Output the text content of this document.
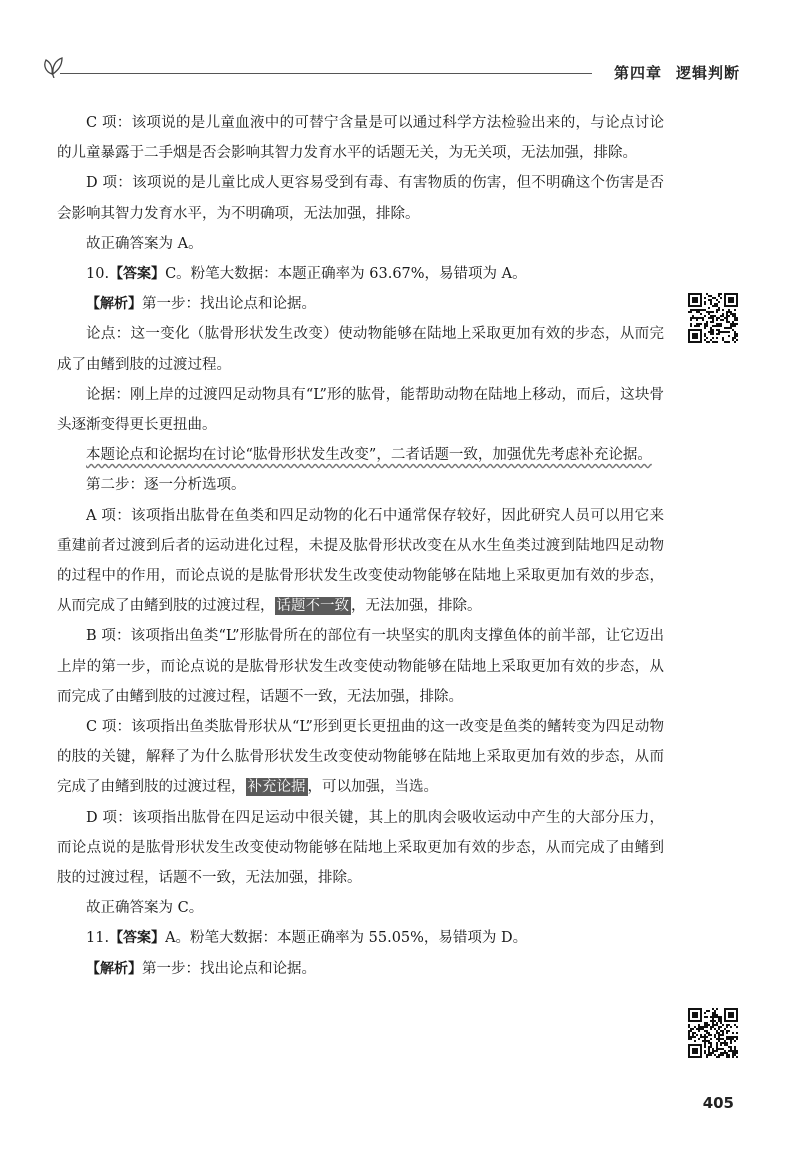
第四章 逻辑判断

C 项：该项说的是儿童血液中的可替宁含量是可以通过科学方法检验出来的，与论点讨论的儿童暴露于二手烟是否会影响其智力发育水平的话题无关，为无关项，无法加强，排除。

D 项：该项说的是儿童比成人更容易受到有毒、有害物质的伤害，但不明确这个伤害是否会影响其智力发育水平，为不明确项，无法加强，排除。

故正确答案为 A。

10.【答案】C。粉笔大数据：本题正确率为 63.67%，易错项为 A。

【解析】第一步：找出论点和论据。

论点：这一变化（肱骨形状发生改变）使动物能够在陆地上采取更加有效的步态，从而完成了由鳍到肢的过渡过程。

论据：刚上岸的过渡四足动物具有“L”形的肱骨，能帮助动物在陆地上移动，而后，这块骨头逐渐变得更长更扭曲。

本题论点和论据均在讨论“肱骨形状发生改变”，二者话题一致，加强优先考虑补充论据。

第二步：逐一分析选项。

A 项：该项指出肱骨在鱼类和四足动物的化石中通常保存较好，因此研究人员可以用它来重建前者过渡到后者的运动进化过程，未提及肱骨形状改变在从水生鱼类过渡到陆地四足动物的过程中的作用，而论点说的是肱骨形状发生改变使动物能够在陆地上采取更加有效的步态，从而完成了由鳍到肢的过渡过程， 话题不一致 ，无法加强，排除。

B 项：该项指出鱼类“L”形肱骨所在的部位有一块坚实的肌肉支撑鱼体的前半部，让它迈出上岸的第一步，而论点说的是肱骨形状发生改变使动物能够在陆地上采取更加有效的步态，从而完成了由鳍到肢的过渡过程，话题不一致，无法加强，排除。

C 项：该项指出鱼类肱骨形状从“L”形到更长更扭曲的这一改变是鱼类的鳍转变为四足动物的肢的关键，解释了为什么肱骨形状发生改变使动物能够在陆地上采取更加有效的步态，从而完成了由鳍到肢的过渡过程， 补充论据 ，可以加强，当选。

D 项：该项指出肱骨在四足运动中很关键，其上的肌肉会吸收运动中产生的大部分压力，而论点说的是肱骨形状发生改变使动物能够在陆地上采取更加有效的步态，从而完成了由鳍到肢的过渡过程，话题不一致，无法加强，排除。

故正确答案为 C。

11.【答案】A。粉笔大数据：本题正确率为 55.05%，易错项为 D。

【解析】第一步：找出论点和论据。

405
